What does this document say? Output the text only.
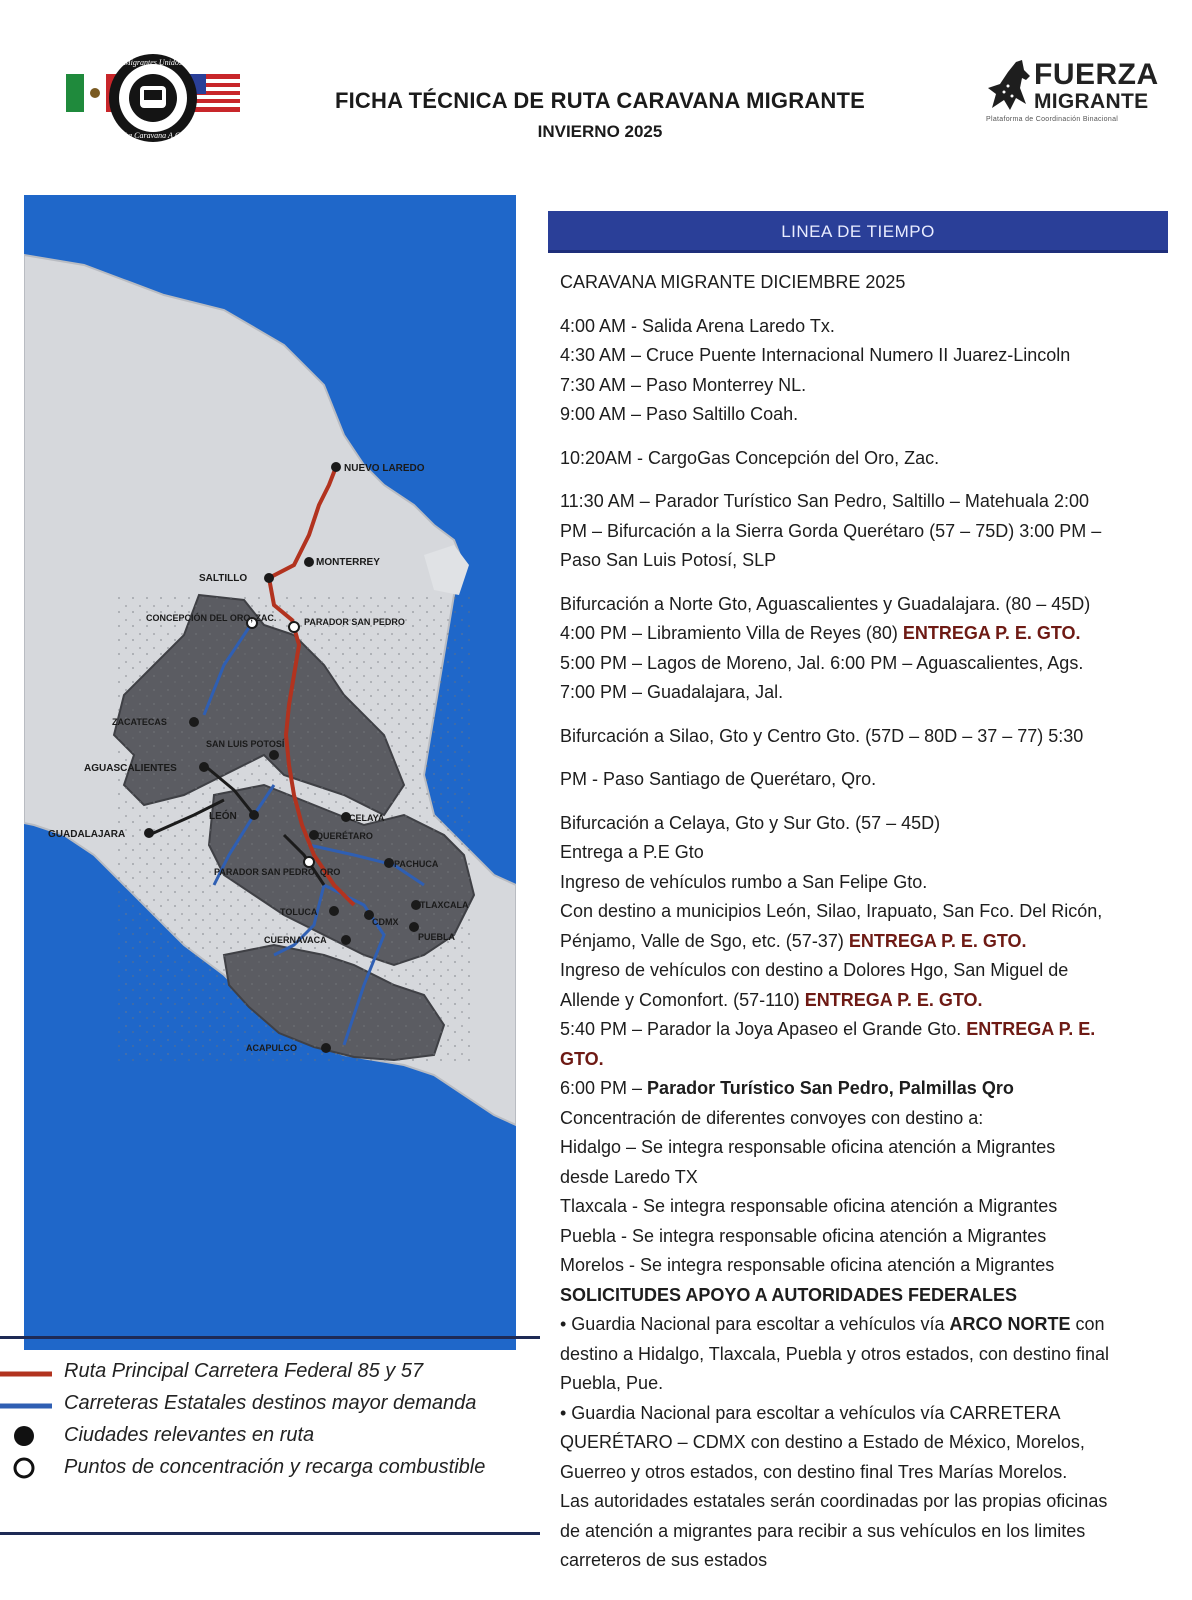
Migrantes Unidos
La Caravana A.C.
FICHA TÉCNICA DE RUTA CARAVANA MIGRANTE
INVIERNO 2025
FUERZA
MIGRANTE
Plataforma de Coordinación Binacional
NUEVO LAREDO
MONTERREY
SALTILLO
CONCEPCIÓN DEL ORO, ZAC.	PARADOR SAN PEDRO
ZACATECAS
AGUASCALIENTES
SAN LUIS POTOSÍ
GUADALAJARA
LEÓN	CELAYA
QUERÉTARO
PARADOR SAN PEDRO, QRO
PACHUCA
TLAXCALA
TOLUCA
CDMX
PUEBLA
CUERNAVACA
ACAPULCO
Ruta Principal Carretera Federal 85 y 57
Carreteras Estatales destinos mayor demanda
Ciudades relevantes en ruta
Puntos de concentración y recarga combustible
LINEA DE TIEMPO

CARAVANA MIGRANTE DICIEMBRE 2025

4:00 AM - Salida Arena Laredo Tx.

4:30 AM – Cruce Puente Internacional Numero II Juarez-Lincoln

7:30 AM – Paso Monterrey NL.

9:00 AM – Paso Saltillo Coah.

10:20AM - CargoGas Concepción del Oro, Zac.

11:30 AM – Parador Turístico San Pedro, Saltillo – Matehuala 2:00

PM – Bifurcación a la Sierra Gorda Querétaro (57 – 75D) 3:00 PM –

Paso San Luis Potosí, SLP

Bifurcación a Norte Gto, Aguascalientes y Guadalajara. (80 – 45D)

4:00 PM – Libramiento Villa de Reyes (80) ENTREGA P. E. GTO.

5:00 PM – Lagos de Moreno, Jal. 6:00 PM – Aguascalientes, Ags.

7:00 PM – Guadalajara, Jal.

Bifurcación a Silao, Gto y Centro Gto. (57D – 80D – 37 – 77) 5:30

PM - Paso Santiago de Querétaro, Qro.

Bifurcación a Celaya, Gto y Sur Gto. (57 – 45D)

Entrega a P.E Gto

Ingreso de vehículos rumbo a San Felipe Gto.

Con destino a municipios León, Silao, Irapuato, San Fco. Del Ricón,

Pénjamo, Valle de Sgo, etc. (57-37) ENTREGA P. E. GTO.

Ingreso de vehículos con destino a Dolores Hgo, San Miguel de

Allende y Comonfort. (57-110) ENTREGA P. E. GTO.

5:40 PM – Parador la Joya Apaseo el Grande Gto. ENTREGA P. E.

GTO.

6:00 PM – Parador Turístico San Pedro, Palmillas Qro

Concentración de diferentes convoyes con destino a:

Hidalgo – Se integra responsable oficina atención a Migrantes

desde Laredo TX

Tlaxcala - Se integra responsable oficina atención a Migrantes

Puebla - Se integra responsable oficina atención a Migrantes

Morelos - Se integra responsable oficina atención a Migrantes

SOLICITUDES APOYO A AUTORIDADES FEDERALES

• Guardia Nacional para escoltar a vehículos vía ARCO NORTE con

destino a Hidalgo, Tlaxcala, Puebla y otros estados, con destino final

Puebla, Pue.

• Guardia Nacional para escoltar a vehículos vía CARRETERA

QUERÉTARO – CDMX con destino a Estado de México, Morelos,

Guerreo y otros estados, con destino final Tres Marías Morelos.

Las autoridades estatales serán coordinadas por las propias oficinas

de atención a migrantes para recibir a sus vehículos en los limites

carreteros de sus estados
